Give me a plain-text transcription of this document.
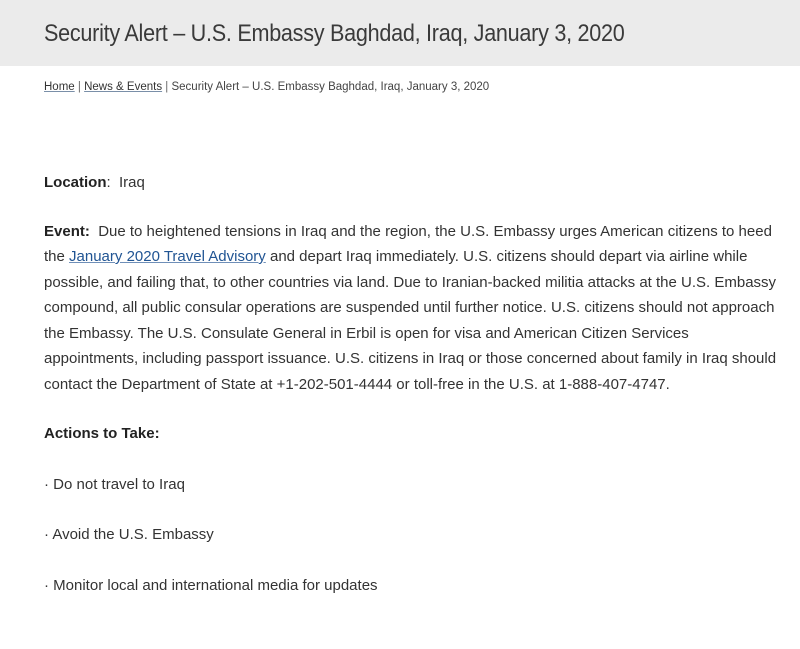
Security Alert – U.S. Embassy Baghdad, Iraq, January 3, 2020
Home | News & Events | Security Alert – U.S. Embassy Baghdad, Iraq, January 3, 2020

Location: Iraq

Event: Due to heightened tensions in Iraq and the region, the U.S. Embassy urges American citizens to heed the January 2020 Travel Advisory and depart Iraq immediately. U.S. citizens should depart via airline while possible, and failing that, to other countries via land. Due to Iranian-backed militia attacks at the U.S. Embassy compound, all public consular operations are suspended until further notice. U.S. citizens should not approach the Embassy. The U.S. Consulate General in Erbil is open for visa and American Citizen Services appointments, including passport issuance. U.S. citizens in Iraq or those concerned about family in Iraq should contact the Department of State at +1-202-501-4444 or toll-free in the U.S. at 1-888-407-4747.

Actions to Take:

· Do not travel to Iraq

· Avoid the U.S. Embassy

· Monitor local and international media for updates
